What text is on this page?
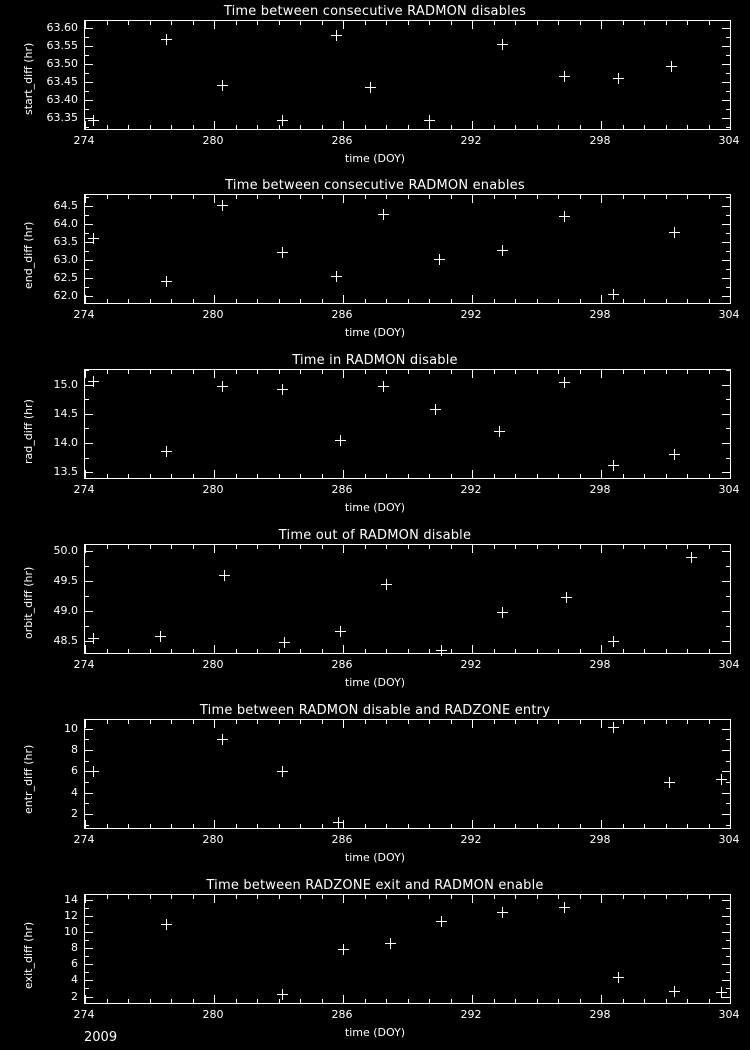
2009
Time between consecutive RADMON disables
63.35
63.40
63.45
63.50
63.55
63.60
274	280	286	292	298	304
start_diff (hr)
time (DOY)
Time between consecutive RADMON enables
62.0
62.5
63.0
63.5
64.0
64.5
274	280	286	292	298	304
end_diff (hr)
time (DOY)
Time in RADMON disable
13.5
14.0
14.5
15.0
274	280	286	292	298	304
rad_diff (hr)
time (DOY)
Time out of RADMON disable
48.5
49.0
49.5
50.0
274	280	286	292	298	304
orbit_diff (hr)
time (DOY)
Time between RADMON disable and RADZONE entry
2
4
6
8
10
274	280	286	292	298	304
entr_diff (hr)
time (DOY)
Time between RADZONE exit and RADMON enable
2
4
6
8
10
12
14
274	280	286	292	298	304
exit_diff (hr)
time (DOY)
